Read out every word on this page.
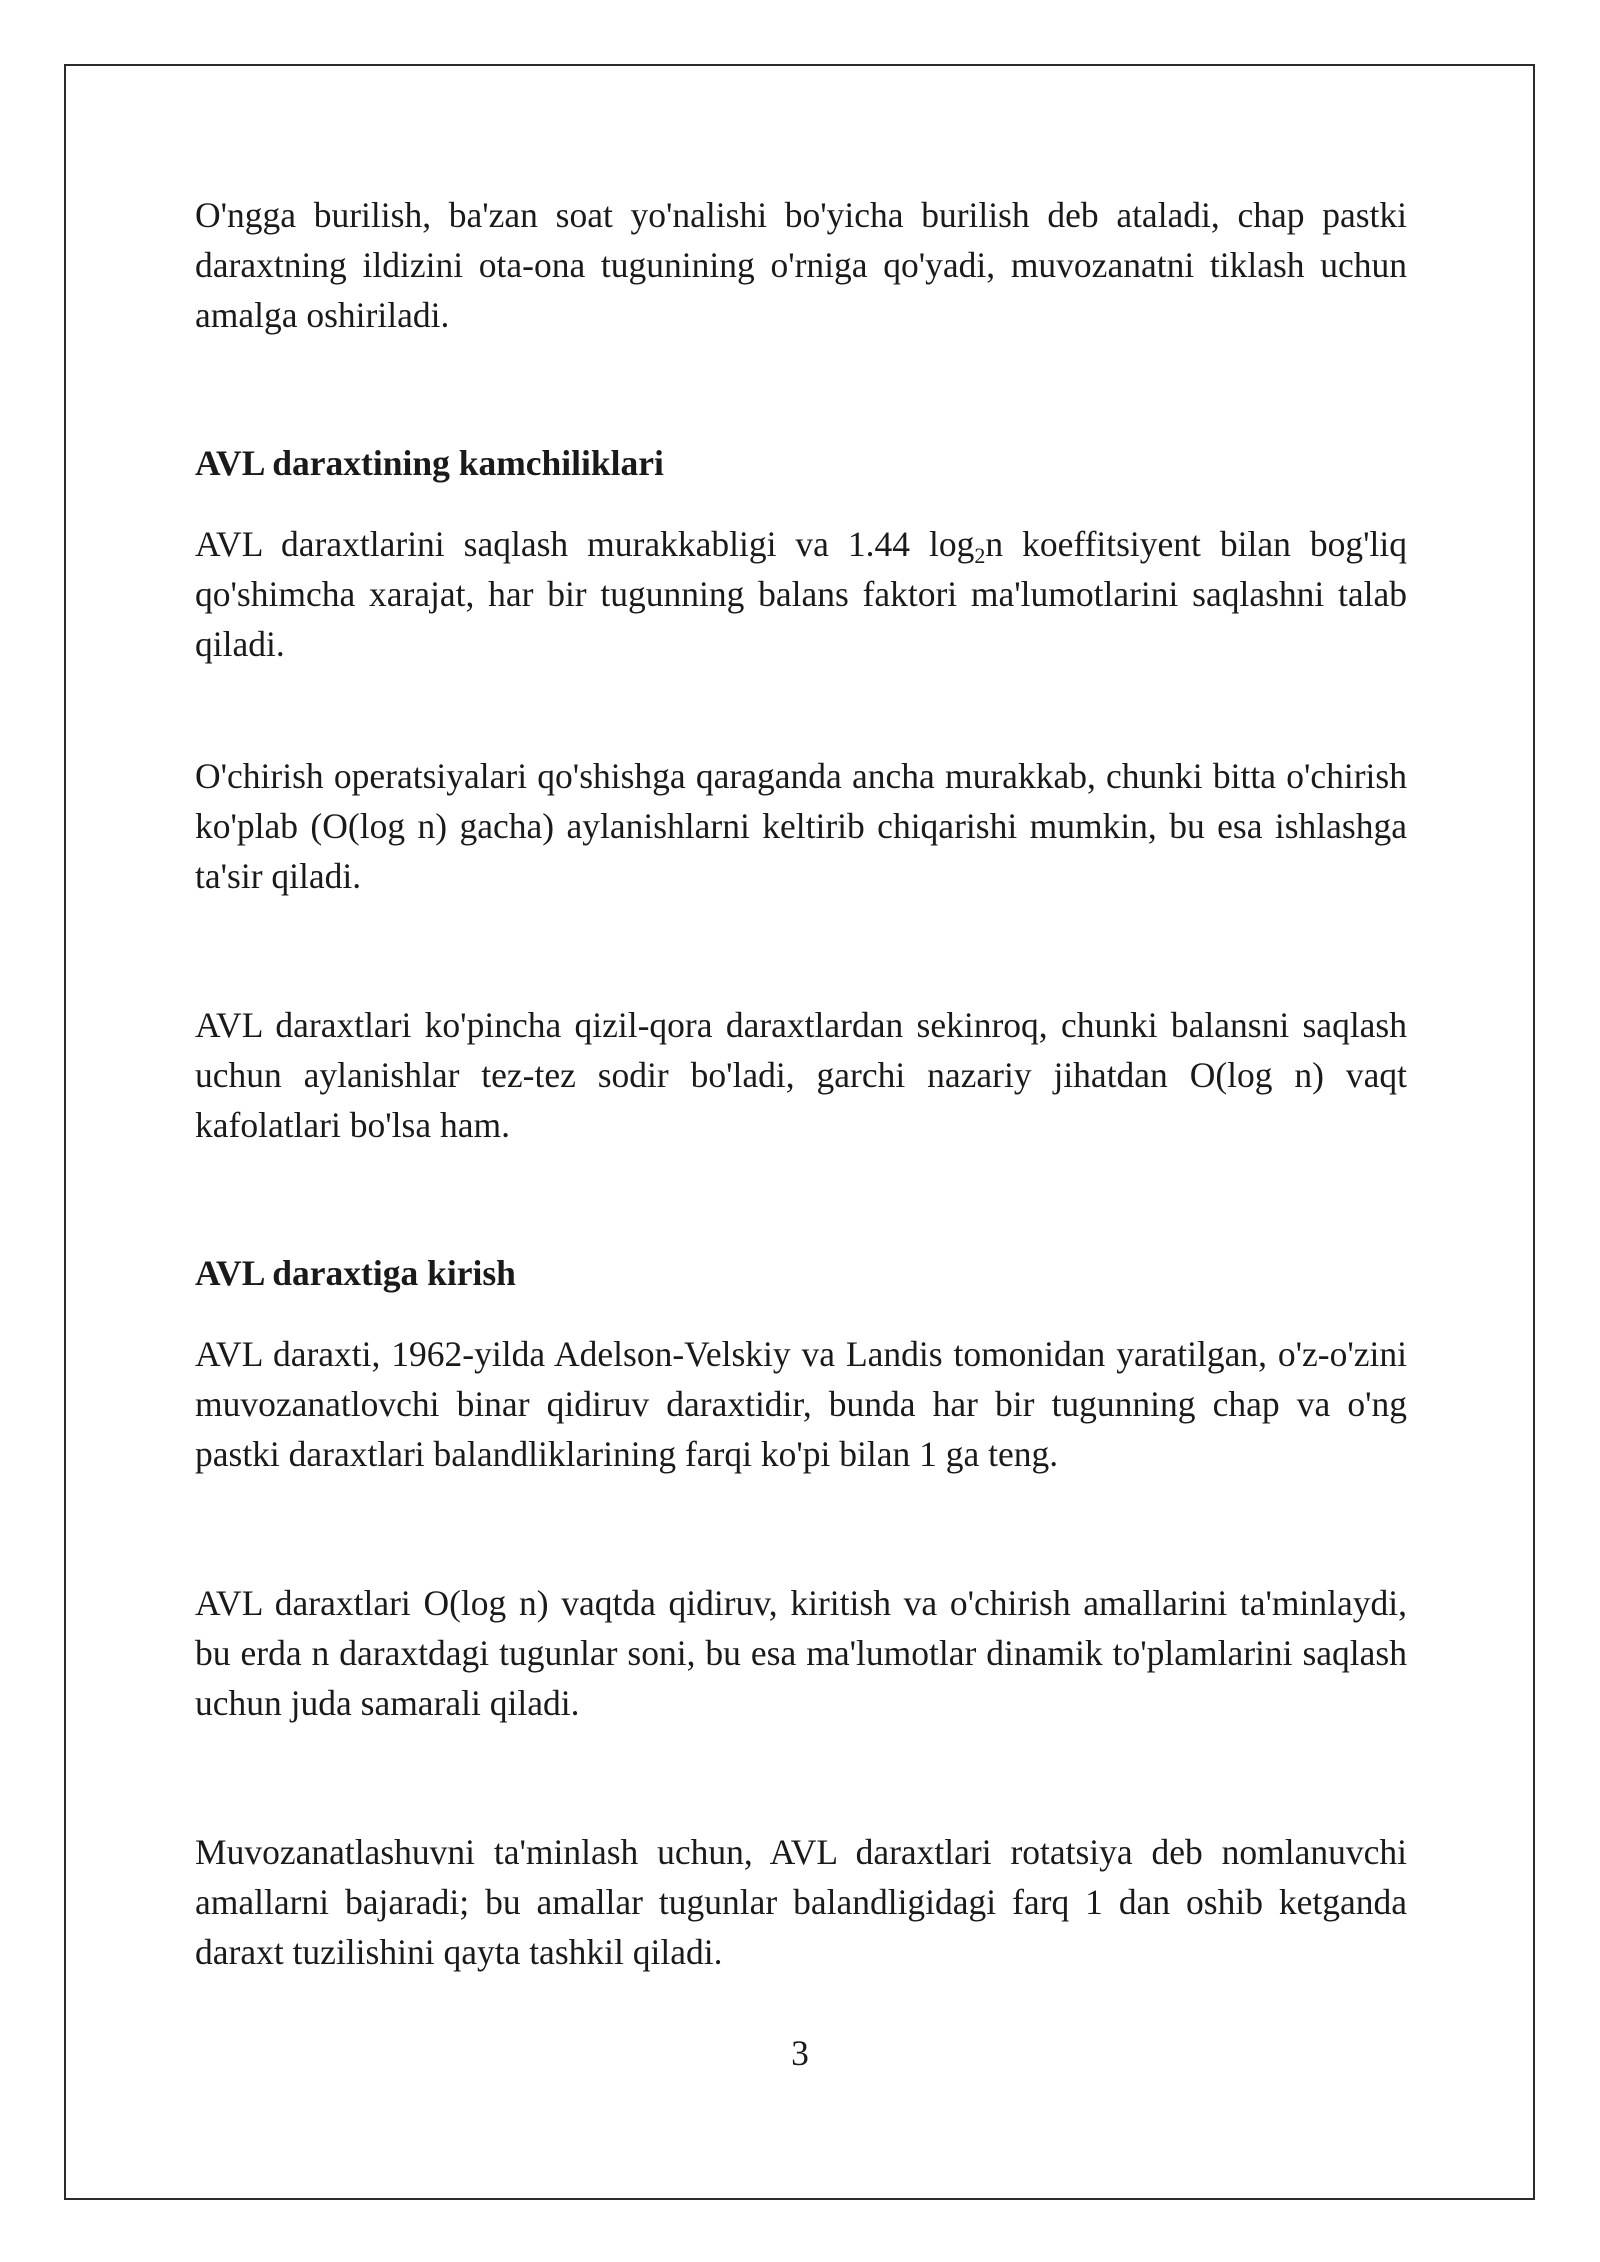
O'ngga burilish, ba'zan soat yo'nalishi bo'yicha burilish deb ataladi, chap pastki daraxtning ildizini ota-ona tugunining o'rniga qo'yadi, muvozanatni tiklash uchun amalga oshiriladi.

AVL daraxtining kamchiliklari

AVL daraxtlarini saqlash murakkabligi va 1.44 $\log_2n$ koeffitsiyent bilan bog'liq qo'shimcha xarajat, har bir tugunning balans faktori ma'lumotlarini saqlashni talab qiladi.

O'chirish operatsiyalari qo'shishga qaraganda ancha murakkab, chunki bitta o'chirish ko'plab (O(log n) gacha) aylanishlarni keltirib chiqarishi mumkin, bu esa ishlashga ta'sir qiladi.

AVL daraxtlari ko'pincha qizil-qora daraxtlardan sekinroq, chunki balansni saqlash uchun aylanishlar tez-tez sodir bo'ladi, garchi nazariy jihatdan O(log n) vaqt kafolatlari bo'lsa ham.

AVL daraxtiga kirish

AVL daraxti, 1962-yilda Adelson-Velskiy va Landis tomonidan yaratilgan, o'z-o'zini muvozanatlovchi binar qidiruv daraxtidir, bunda har bir tugunning chap va o'ng pastki daraxtlari balandliklarining farqi ko'pi bilan 1 ga teng.

AVL daraxtlari O(log n) vaqtda qidiruv, kiritish va o'chirish amallarini ta'minlaydi, bu erda n daraxtdagi tugunlar soni, bu esa ma'lumotlar dinamik to'plamlarini saqlash uchun juda samarali qiladi.

Muvozanatlashuvni ta'minlash uchun, AVL daraxtlari rotatsiya deb nomlanuvchi amallarni bajaradi; bu amallar tugunlar balandligidagi farq 1 dan oshib ketganda daraxt tuzilishini qayta tashkil qiladi.

3
